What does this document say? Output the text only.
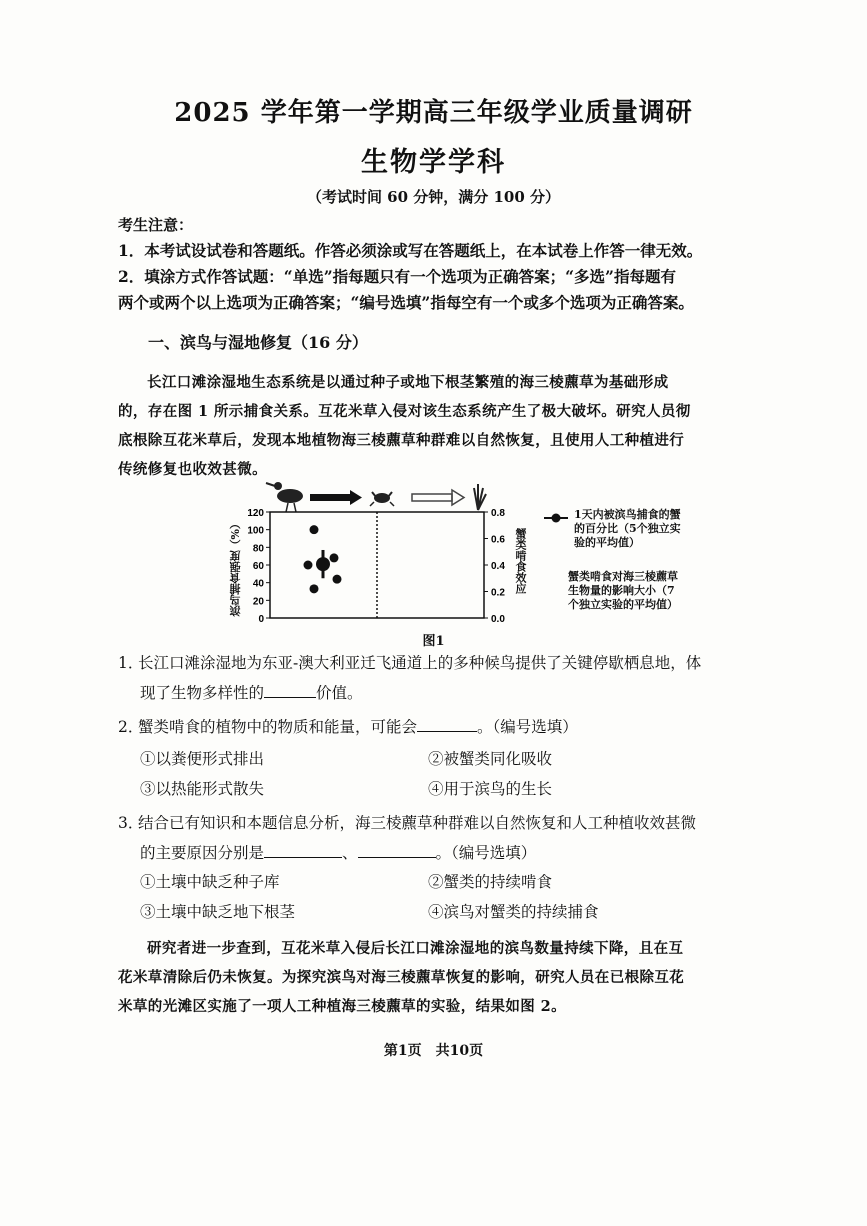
2025 学年第一学期高三年级学业质量调研
生物学学科
（考试时间 60 分钟，满分 100 分）
考生注意：
1．本考试设试卷和答题纸。作答必须涂或写在答题纸上，在本试卷上作答一律无效。
2．填涂方式作答试题：“单选”指每题只有一个选项为正确答案；“多选”指每题有
两个或两个以上选项为正确答案；“编号选填”指每空有一个或多个选项为正确答案。
一、滨鸟与湿地修复（16 分）
长江口滩涂湿地生态系统是以通过种子或地下根茎繁殖的海三棱藨草为基础形成
的，存在图 1 所示捕食关系。互花米草入侵对该生态系统产生了极大破坏。研究人员彻
底根除互花米草后，发现本地植物海三棱藨草种群难以自然恢复，且使用人工种植进行
传统修复也收效甚微。
120
100
80
60
40
20
0
0.8
0.6
0.4
0.2
0.0
1天内被滨鸟捕食的蟹的百分比（5个独立实验的平均值）
蟹类啃食对海三棱藨草生物量的影响大小（7个独立实验的平均值）
滨鸟捕食强度（%）	蟹类啃食效应
图1
1．长江口滩涂湿地为东亚-澳大利亚迁飞通道上的多种候鸟提供了关键停歇栖息地，体
现了生物多样性的	价值。
2．蟹类啃食的植物中的物质和能量，可能会	。（编号选填）
①以粪便形式排出	②被蟹类同化吸收
③以热能形式散失	④用于滨鸟的生长
3．结合已有知识和本题信息分析，海三棱藨草种群难以自然恢复和人工种植收效甚微
的主要原因分别是	、	。（编号选填）
①土壤中缺乏种子库	②蟹类的持续啃食
③土壤中缺乏地下根茎	④滨鸟对蟹类的持续捕食
研究者进一步查到，互花米草入侵后长江口滩涂湿地的滨鸟数量持续下降，且在互
花米草清除后仍未恢复。为探究滨鸟对海三棱藨草恢复的影响，研究人员在已根除互花
米草的光滩区实施了一项人工种植海三棱藨草的实验，结果如图 2。
第1页　共10页
